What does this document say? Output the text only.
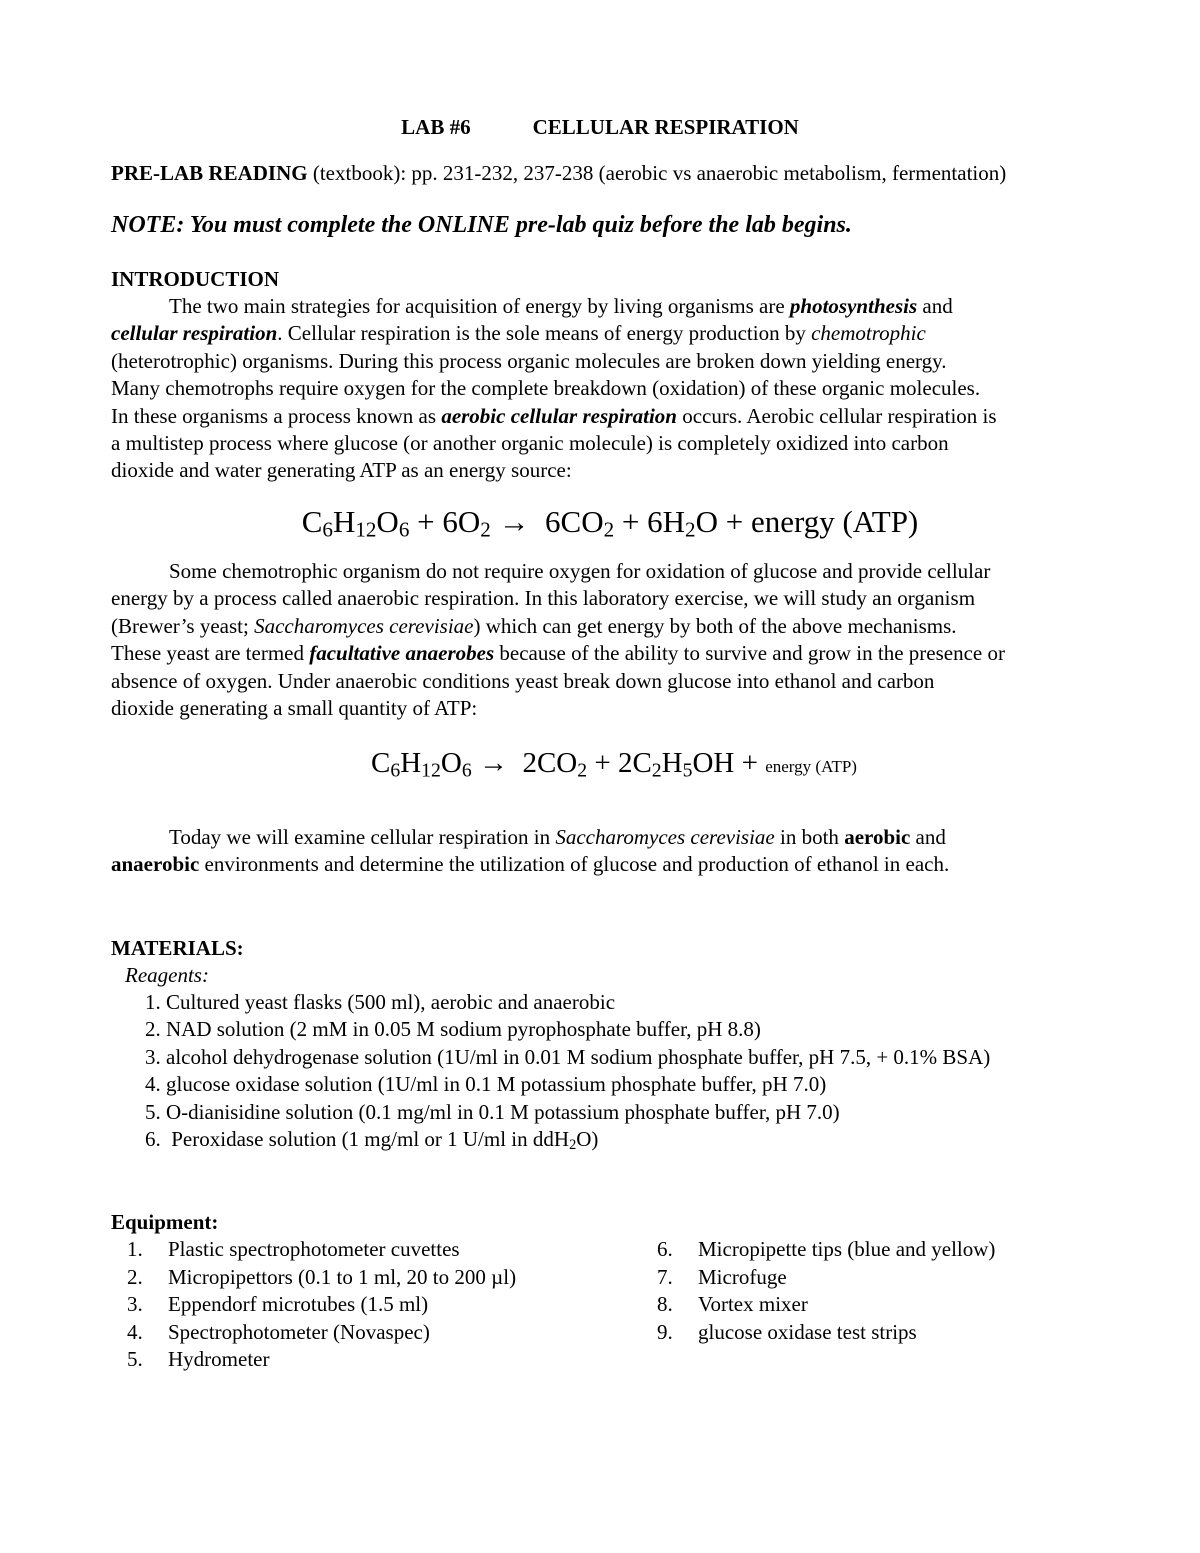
LAB #6	CELLULAR RESPIRATION
PRE-LAB READING (textbook): pp. 231-232, 237-238 (aerobic vs anaerobic metabolism, fermentation)
NOTE: You must complete the ONLINE pre-lab quiz before the lab begins.
INTRODUCTION
The two main strategies for acquisition of energy by living organisms are photosynthesis and
cellular respiration. Cellular respiration is the sole means of energy production by chemotrophic
(heterotrophic) organisms. During this process organic molecules are broken down yielding energy.
Many chemotrophs require oxygen for the complete breakdown (oxidation) of these organic molecules.
In these organisms a process known as aerobic cellular respiration occurs. Aerobic cellular respiration is
a multistep process where glucose (or another organic molecule) is completely oxidized into carbon
dioxide and water generating ATP as an energy source:
$C_6H_{12}O_6 + 6O_2 \to 6CO_2 + 6H_2O$ + energy (ATP)
Some chemotrophic organism do not require oxygen for oxidation of glucose and provide cellular
energy by a process called anaerobic respiration. In this laboratory exercise, we will study an organism
(Brewer’s yeast; Saccharomyces cerevisiae) which can get energy by both of the above mechanisms.
These yeast are termed facultative anaerobes because of the ability to survive and grow in the presence or
absence of oxygen. Under anaerobic conditions yeast break down glucose into ethanol and carbon
dioxide generating a small quantity of ATP:
$C_6H_{12}O_6 \to 2CO_2 + 2C_2H_5OH$ + energy (ATP)
Today we will examine cellular respiration in Saccharomyces cerevisiae in both aerobic and
anaerobic environments and determine the utilization of glucose and production of ethanol in each.
MATERIALS:
Reagents:
1. Cultured yeast flasks (500 ml), aerobic and anaerobic
2. NAD solution (2 mM in 0.05 M sodium pyrophosphate buffer, pH 8.8)
3. alcohol dehydrogenase solution (1U/ml in 0.01 M sodium phosphate buffer, pH 7.5, + 0.1% BSA)
4. glucose oxidase solution (1U/ml in 0.1 M potassium phosphate buffer, pH 7.0)
5. O-dianisidine solution (0.1 mg/ml in 0.1 M potassium phosphate buffer, pH 7.0)
6.  Peroxidase solution (1 mg/ml or 1 U/ml in ddH$_2$O)
Equipment:
1. Plastic spectrophotometer cuvettes
2. Micropipettors (0.1 to 1 ml, 20 to 200 µl)
3. Eppendorf microtubes (1.5 ml)
4. Spectrophotometer (Novaspec)
5. Hydrometer
6. Micropipette tips (blue and yellow)
7. Microfuge
8. Vortex mixer
9. glucose oxidase test strips
